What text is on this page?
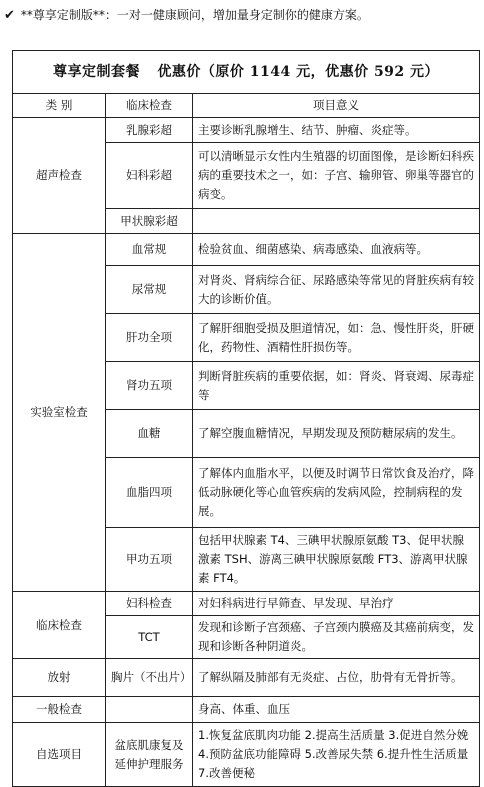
✔ **尊享定制版**：一对一健康顾问，增加量身定制你的健康方案。
尊享定制套餐 优惠价（原价 1144 元，优惠价 592 元）		
类 别	临床检查	项目意义
超声检查	乳腺彩超	主要诊断乳腺增生、结节、肿瘤、炎症等。
	妇科彩超	可以清晰显示女性内生殖器的切面图像，是诊断妇科疾病的重要技术之一，如：子宫、输卵管、卵巢等器官的病变。
	甲状腺彩超	
实验室检查	血常规	检验贫血、细菌感染、病毒感染、血液病等。
	尿常规	对肾炎、肾病综合征、尿路感染等常见的肾脏疾病有较大的诊断价值。
	肝功全项	了解肝细胞受损及胆道情况，如：急、慢性肝炎，肝硬化，药物性、酒精性肝损伤等。
	肾功五项	判断肾脏疾病的重要依据，如：肾炎、肾衰竭、尿毒症等
	血糖	了解空腹血糖情况，早期发现及预防糖尿病的发生。
	血脂四项	了解体内血脂水平，以便及时调节日常饮食及治疗，降低动脉硬化等心血管疾病的发病风险，控制病程的发展。
	甲功五项	包括甲状腺素 T4、三碘甲状腺原氨酸 T3、促甲状腺激素 TSH、游离三碘甲状腺原氨酸 FT3、游离甲状腺素 FT4。
临床检查	妇科检查	对妇科病进行早筛查、早发现、早治疗
	TCT	发现和诊断子宫颈癌、子宫颈内膜癌及其癌前病变，发现和诊断各种阴道炎。
放射	胸片（不出片）	了解纵隔及肺部有无炎症、占位，肋骨有无骨折等。
一般检查		身高、体重、血压
自选项目	盆底肌康复及延伸护理服务	1.恢复盆底肌肉功能 2.提高生活质量 3.促进自然分娩 4.预防盆底功能障碍 5.改善尿失禁 6.提升性生活质量 7.改善便秘
